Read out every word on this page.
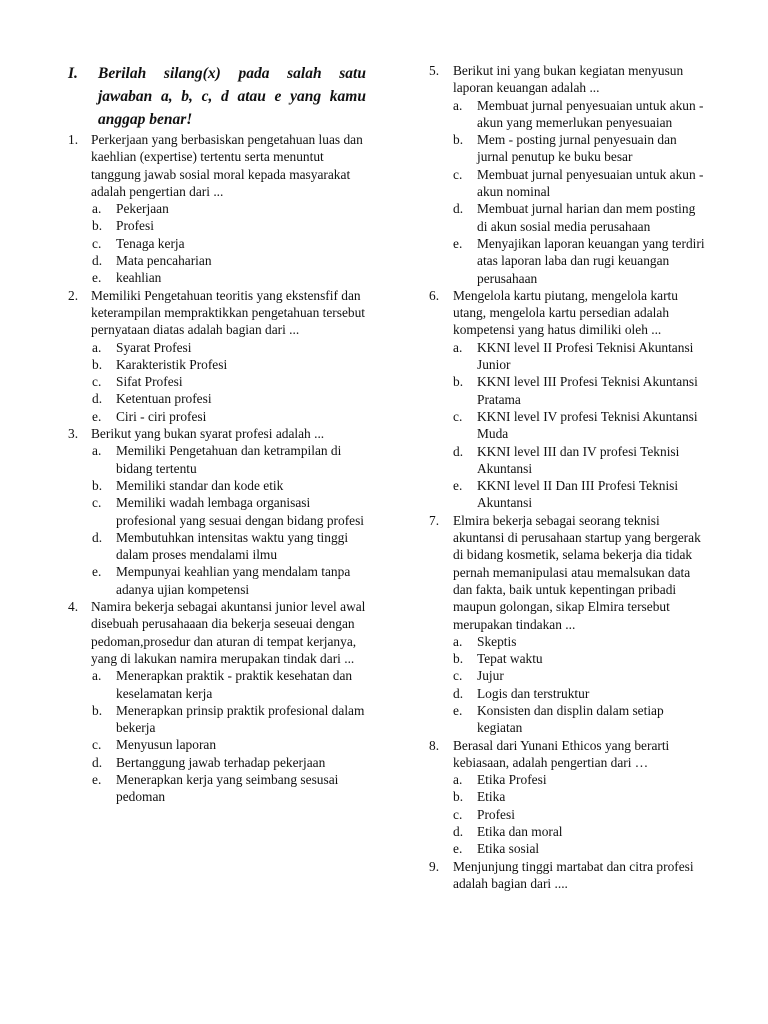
I.	Berilah silang(x) pada salah satu jawaban a, b, c, d atau e yang kamu anggap benar!
1. Perkerjaan yang berbasiskan pengetahuan luas dan kaehlian (expertise) tertentu serta menuntut tanggung jawab sosial moral kepada masyarakat adalah pengertian dari ...
a.	Pekerjaan
b.	Profesi
c.	Tenaga kerja
d.	Mata pencaharian
e.	keahlian
2. Memiliki Pengetahuan teoritis yang ekstensfif dan keterampilan mempraktikkan pengetahuan tersebut pernyataan diatas adalah bagian dari ...
a.	Syarat Profesi
b.	Karakteristik Profesi
c.	Sifat Profesi
d.	Ketentuan profesi
e.	Ciri - ciri profesi
3. Berikut yang bukan syarat profesi adalah ...
a.	Memiliki Pengetahuan dan ketrampilan di bidang tertentu
b.	Memiliki standar dan kode etik
c.	Memiliki wadah lembaga organisasi profesional yang sesuai dengan bidang profesi
d.	Membutuhkan intensitas waktu yang tinggi dalam proses mendalami ilmu
e.	Mempunyai keahlian yang mendalam tanpa adanya ujian kompetensi
4. Namira bekerja sebagai akuntansi junior level awal disebuah perusahaaan dia bekerja seseuai dengan pedoman,prosedur dan aturan di tempat kerjanya, yang di lakukan namira merupakan tindak dari ...
a.	Menerapkan praktik - praktik kesehatan dan keselamatan kerja
b.	Menerapkan prinsip praktik profesional dalam bekerja
c.	Menyusun laporan
d.	Bertanggung jawab terhadap pekerjaan
e.	Menerapkan kerja yang seimbang sesusai pedoman
5.	Berikut ini yang bukan kegiatan menyusun laporan keuangan adalah ...
a.	Membuat jurnal penyesuaian untuk akun - akun yang memerlukan penyesuaian
b.	Mem - posting jurnal penyesuain dan jurnal penutup ke buku besar
c.	Membuat jurnal penyesuaian untuk akun - akun nominal
d.	Membuat jurnal harian dan mem posting di akun sosial media perusahaan
e.	Menyajikan laporan keuangan yang terdiri atas laporan laba dan rugi keuangan perusahaan
6.	Mengelola kartu piutang, mengelola kartu utang, mengelola kartu persedian adalah kompetensi yang hatus dimiliki oleh ...
a.	KKNI level II Profesi Teknisi Akuntansi Junior
b.	KKNI level III Profesi Teknisi Akuntansi Pratama
c.	KKNI level IV profesi Teknisi Akuntansi Muda
d.	KKNI level III dan IV profesi Teknisi Akuntansi
e.	KKNI level II Dan III Profesi Teknisi Akuntansi
7.	Elmira bekerja sebagai seorang teknisi akuntansi di perusahaan startup yang bergerak di bidang kosmetik, selama bekerja dia tidak pernah memanipulasi atau memalsukan data dan fakta, baik untuk kepentingan pribadi maupun golongan, sikap Elmira tersebut merupakan tindakan ...
a.	Skeptis
b.	Tepat waktu
c.	Jujur
d.	Logis dan terstruktur
e.	Konsisten dan displin dalam setiap kegiatan
8.	Berasal dari Yunani Ethicos yang berarti kebiasaan, adalah pengertian dari …
a.	Etika Profesi
b.	Etika
c.	Profesi
d.	Etika dan moral
e.	Etika sosial
9.	Menjunjung tinggi martabat dan citra profesi adalah bagian dari ....
